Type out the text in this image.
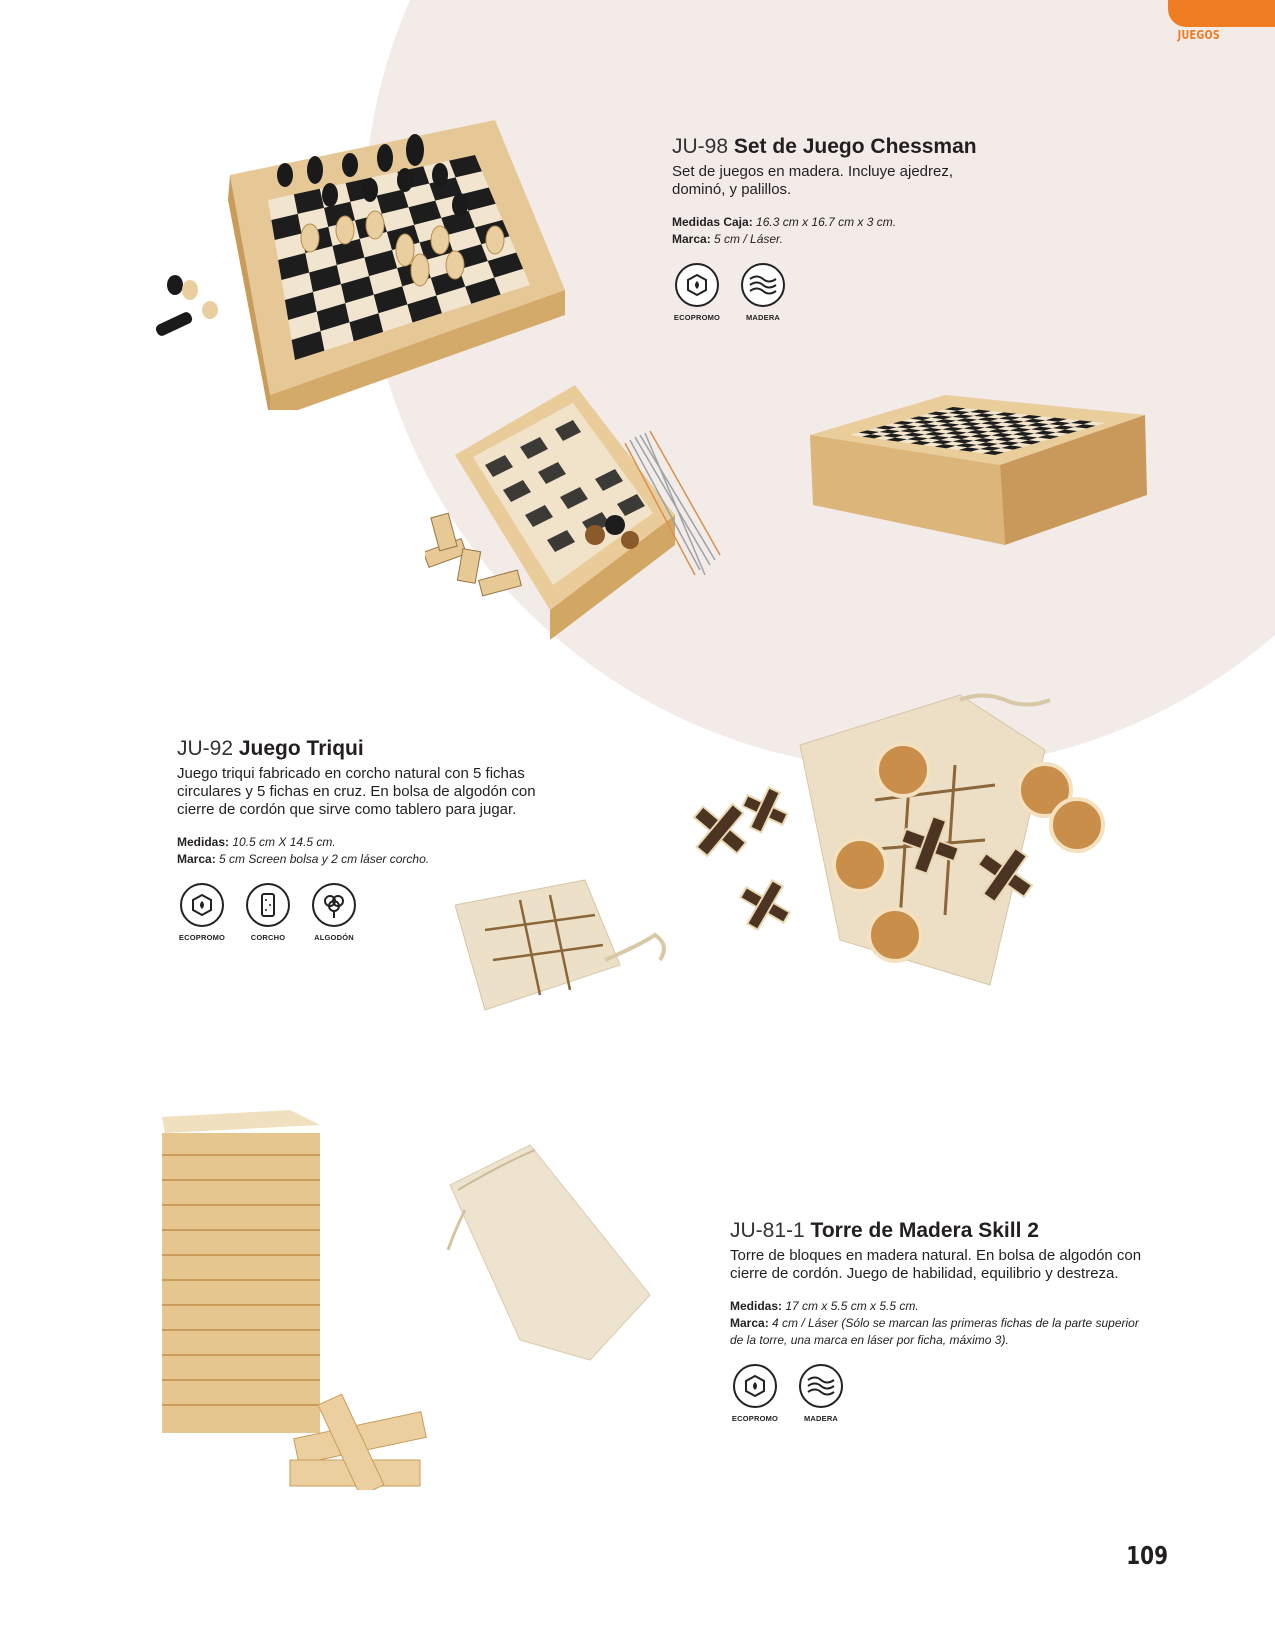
JUEGOS
JU-98 Set de Juego Chessman
Set de juegos en madera. Incluye ajedrez, dominó, y palillos.
Medidas Caja: 16.3 cm x 16.7 cm x 3 cm.
Marca: 5 cm / Láser.
ECOPROMO	MADERA
JU-92 Juego Triqui
Juego triqui fabricado en corcho natural con 5 fichas circulares y 5 fichas en cruz. En bolsa de algodón con cierre de cordón que sirve como tablero para jugar.
Medidas: 10.5 cm X 14.5 cm.
Marca: 5 cm Screen bolsa y 2 cm láser corcho.
ECOPROMO	CORCHO	ALGODÓN
JU-81-1 Torre de Madera Skill 2
Torre de bloques en madera natural. En bolsa de algodón con cierre de cordón. Juego de habilidad, equilibrio y destreza.
Medidas: 17 cm x 5.5 cm x 5.5 cm.
Marca: 4 cm / Láser (Sólo se marcan las primeras fichas de la parte superior de la torre, una marca en láser por ficha, máximo 3).
ECOPROMO	MADERA
109
